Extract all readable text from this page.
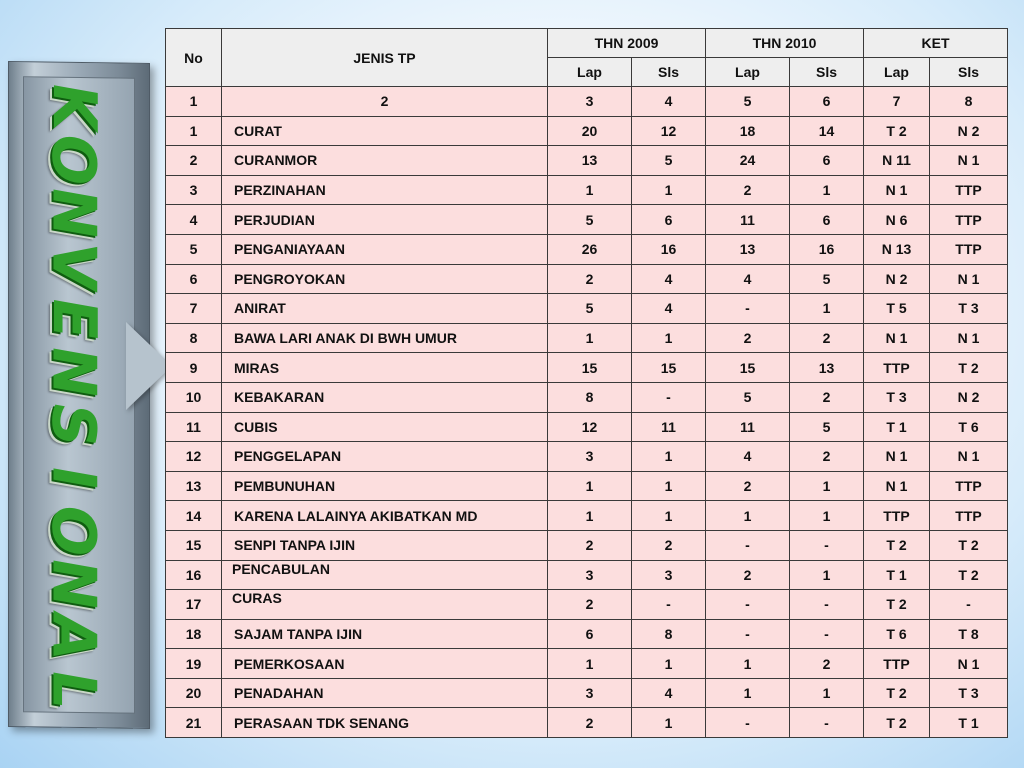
K
O
N
V
E
N
S
I
O
N
A
L
No	JENIS TP	THN 2009		THN 2010		KET	
		Lap	Sls	Lap	Sls	Lap	Sls
1	2	3	4	5	6	7	8
1	CURAT	20	12	18	14	T 2	N 2
2	CURANMOR	13	5	24	6	N 11	N 1
3	PERZINAHAN	1	1	2	1	N 1	TTP
4	PERJUDIAN	5	6	11	6	N 6	TTP
5	PENGANIAYAAN	26	16	13	16	N 13	TTP
6	PENGROYOKAN	2	4	4	5	N 2	N 1
7	ANIRAT	5	4	-	1	T 5	T 3
8	BAWA LARI ANAK DI BWH UMUR	1	1	2	2	N 1	N 1
9	MIRAS	15	15	15	13	TTP	T 2
10	KEBAKARAN	8	-	5	2	T 3	N 2
11	CUBIS	12	11	11	5	T 1	T 6
12	PENGGELAPAN	3	1	4	2	N 1	N 1
13	PEMBUNUHAN	1	1	2	1	N 1	TTP
14	KARENA LALAINYA AKIBATKAN MD	1	1	1	1	TTP	TTP
15	SENPI TANPA IJIN	2	2	-	-	T 2	T 2
16	PENCABULAN	3	3	2	1	T 1	T 2
17	CURAS	2	-	-	-	T 2	-
18	SAJAM TANPA IJIN	6	8	-	-	T 6	T 8
19	PEMERKOSAAN	1	1	1	2	TTP	N 1
20	PENADAHAN	3	4	1	1	T 2	T 3
21	PERASAAN TDK SENANG	2	1	-	-	T 2	T 1
